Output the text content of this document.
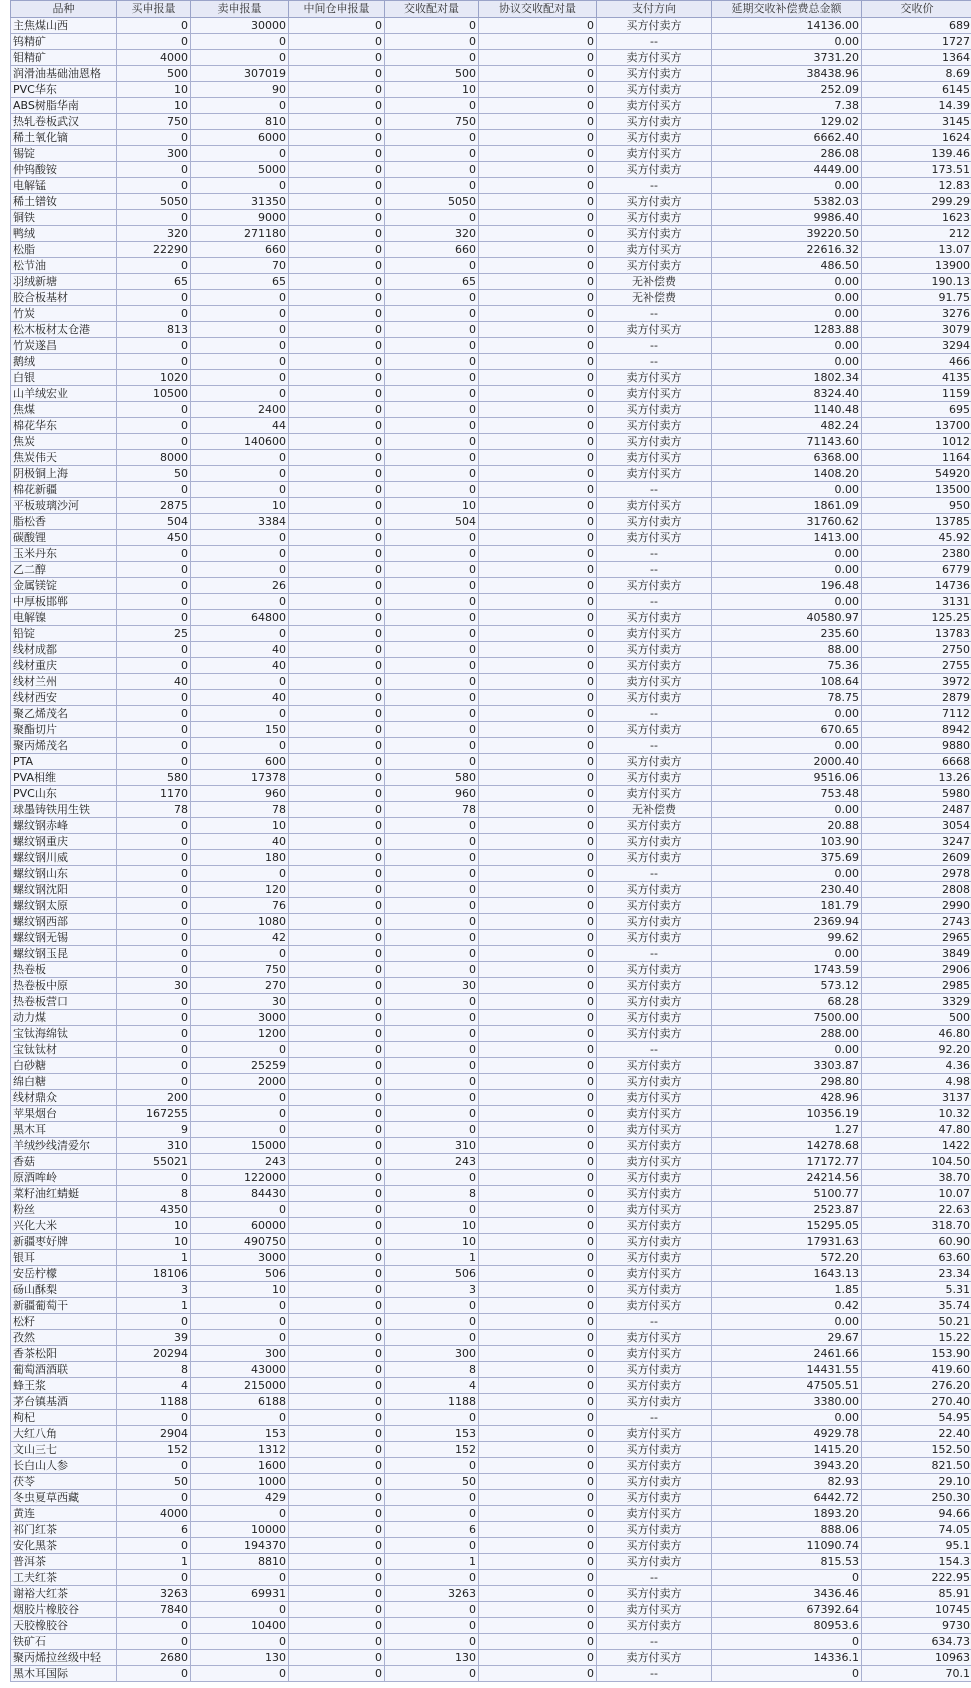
品种	买申报量	卖申报量	中间仓申报量	交收配对量	协议交收配对量	支付方向	延期交收补偿费总金额	交收价
主焦煤山西	0	30000	0	0	0	买方付卖方	14136.00	689
钨精矿	0	0	0	0	0	--	0.00	1727
钼精矿	4000	0	0	0	0	卖方付买方	3731.20	1364
润滑油基础油恩格	500	307019	0	500	0	买方付卖方	38438.96	8.69
PVC华东	10	90	0	10	0	买方付卖方	252.09	6145
ABS树脂华南	10	0	0	0	0	卖方付买方	7.38	14.39
热轧卷板武汉	750	810	0	750	0	买方付卖方	129.02	3145
稀土氧化镝	0	6000	0	0	0	买方付卖方	6662.40	1624
锡锭	300	0	0	0	0	卖方付买方	286.08	139.46
仲钨酸铵	0	5000	0	0	0	买方付卖方	4449.00	173.51
电解锰	0	0	0	0	0	--	0.00	12.83
稀土镨钕	5050	31350	0	5050	0	买方付卖方	5382.03	299.29
铜铁	0	9000	0	0	0	买方付卖方	9986.40	1623
鸭绒	320	271180	0	320	0	买方付卖方	39220.50	212
松脂	22290	660	0	660	0	卖方付买方	22616.32	13.07
松节油	0	70	0	0	0	买方付卖方	486.50	13900
羽绒新塘	65	65	0	65	0	无补偿费	0.00	190.13
胶合板基材	0	0	0	0	0	无补偿费	0.00	91.75
竹炭	0	0	0	0	0	--	0.00	3276
松木板材太仓港	813	0	0	0	0	卖方付买方	1283.88	3079
竹炭遂昌	0	0	0	0	0	--	0.00	3294
鹅绒	0	0	0	0	0	--	0.00	466
白银	1020	0	0	0	0	卖方付买方	1802.34	4135
山羊绒宏业	10500	0	0	0	0	卖方付买方	8324.40	1159
焦煤	0	2400	0	0	0	买方付卖方	1140.48	695
棉花华东	0	44	0	0	0	买方付卖方	482.24	13700
焦炭	0	140600	0	0	0	买方付卖方	71143.60	1012
焦炭伟天	8000	0	0	0	0	卖方付买方	6368.00	1164
阴极铜上海	50	0	0	0	0	卖方付买方	1408.20	54920
棉花新疆	0	0	0	0	0	--	0.00	13500
平板玻璃沙河	2875	10	0	10	0	卖方付买方	1861.09	950
脂松香	504	3384	0	504	0	买方付卖方	31760.62	13785
碳酸锂	450	0	0	0	0	卖方付买方	1413.00	45.92
玉米丹东	0	0	0	0	0	--	0.00	2380
乙二醇	0	0	0	0	0	--	0.00	6779
金属镁锭	0	26	0	0	0	买方付卖方	196.48	14736
中厚板邯郸	0	0	0	0	0	--	0.00	3131
电解镍	0	64800	0	0	0	买方付卖方	40580.97	125.25
铅锭	25	0	0	0	0	卖方付买方	235.60	13783
线材成都	0	40	0	0	0	买方付卖方	88.00	2750
线材重庆	0	40	0	0	0	买方付卖方	75.36	2755
线材兰州	40	0	0	0	0	卖方付买方	108.64	3972
线材西安	0	40	0	0	0	买方付卖方	78.75	2879
聚乙烯茂名	0	0	0	0	0	--	0.00	7112
聚酯切片	0	150	0	0	0	买方付卖方	670.65	8942
聚丙烯茂名	0	0	0	0	0	--	0.00	9880
PTA	0	600	0	0	0	买方付卖方	2000.40	6668
PVA相维	580	17378	0	580	0	买方付卖方	9516.06	13.26
PVC山东	1170	960	0	960	0	卖方付买方	753.48	5980
球墨铸铁用生铁	78	78	0	78	0	无补偿费	0.00	2487
螺纹钢赤峰	0	10	0	0	0	买方付卖方	20.88	3054
螺纹钢重庆	0	40	0	0	0	买方付卖方	103.90	3247
螺纹钢川威	0	180	0	0	0	买方付卖方	375.69	2609
螺纹钢山东	0	0	0	0	0	--	0.00	2978
螺纹钢沈阳	0	120	0	0	0	买方付卖方	230.40	2808
螺纹钢太原	0	76	0	0	0	买方付卖方	181.79	2990
螺纹钢西部	0	1080	0	0	0	买方付卖方	2369.94	2743
螺纹钢无锡	0	42	0	0	0	买方付卖方	99.62	2965
螺纹钢玉昆	0	0	0	0	0	--	0.00	3849
热卷板	0	750	0	0	0	买方付卖方	1743.59	2906
热卷板中原	30	270	0	30	0	买方付卖方	573.12	2985
热卷板营口	0	30	0	0	0	买方付卖方	68.28	3329
动力煤	0	3000	0	0	0	买方付卖方	7500.00	500
宝钛海绵钛	0	1200	0	0	0	买方付卖方	288.00	46.80
宝钛钛材	0	0	0	0	0	--	0.00	92.20
白砂糖	0	25259	0	0	0	买方付卖方	3303.87	4.36
绵白糖	0	2000	0	0	0	买方付卖方	298.80	4.98
线材鼎众	200	0	0	0	0	卖方付买方	428.96	3137
苹果烟台	167255	0	0	0	0	卖方付买方	10356.19	10.32
黑木耳	9	0	0	0	0	卖方付买方	1.27	47.80
羊绒纱线清爱尔	310	15000	0	310	0	买方付卖方	14278.68	1422
香菇	55021	243	0	243	0	卖方付买方	17172.77	104.50
原酒哞岭	0	122000	0	0	0	买方付卖方	24214.56	38.70
菜籽油红蜻蜓	8	84430	0	8	0	买方付卖方	5100.77	10.07
粉丝	4350	0	0	0	0	卖方付买方	2523.87	22.63
兴化大米	10	60000	0	10	0	买方付卖方	15295.05	318.70
新疆枣好牌	10	490750	0	10	0	买方付卖方	17931.63	60.90
银耳	1	3000	0	1	0	买方付卖方	572.20	63.60
安岳柠檬	18106	506	0	506	0	卖方付买方	1643.13	23.34
砀山酥梨	3	10	0	3	0	买方付卖方	1.85	5.31
新疆葡萄干	1	0	0	0	0	卖方付买方	0.42	35.74
松籽	0	0	0	0	0	--	0.00	50.21
孜然	39	0	0	0	0	卖方付买方	29.67	15.22
香茶松阳	20294	300	0	300	0	卖方付买方	2461.66	153.90
葡萄酒酒联	8	43000	0	8	0	买方付卖方	14431.55	419.60
蜂王浆	4	215000	0	4	0	买方付卖方	47505.51	276.20
茅台镇基酒	1188	6188	0	1188	0	买方付卖方	3380.00	270.40
枸杞	0	0	0	0	0	--	0.00	54.95
大红八角	2904	153	0	153	0	卖方付买方	4929.78	22.40
文山三七	152	1312	0	152	0	买方付卖方	1415.20	152.50
长白山人参	0	1600	0	0	0	买方付卖方	3943.20	821.50
茯苓	50	1000	0	50	0	买方付卖方	82.93	29.10
冬虫夏草西藏	0	429	0	0	0	买方付卖方	6442.72	250.30
黄连	4000	0	0	0	0	卖方付买方	1893.20	94.66
祁门红茶	6	10000	0	6	0	买方付卖方	888.06	74.05
安化黑茶	0	194370	0	0	0	买方付卖方	11090.74	95.1
普洱茶	1	8810	0	1	0	买方付卖方	815.53	154.3
工夫红茶	0	0	0	0	0	--	0	222.95
谢裕大红茶	3263	69931	0	3263	0	买方付卖方	3436.46	85.91
烟胶片橡胶谷	7840	0	0	0	0	卖方付买方	67392.64	10745
天胶橡胶谷	0	10400	0	0	0	买方付卖方	80953.6	9730
铁矿石	0	0	0	0	0	--	0	634.73
聚丙烯拉丝级中轻	2680	130	0	130	0	卖方付买方	14336.1	10963
黑木耳国际	0	0	0	0	0	--	0	70.1
